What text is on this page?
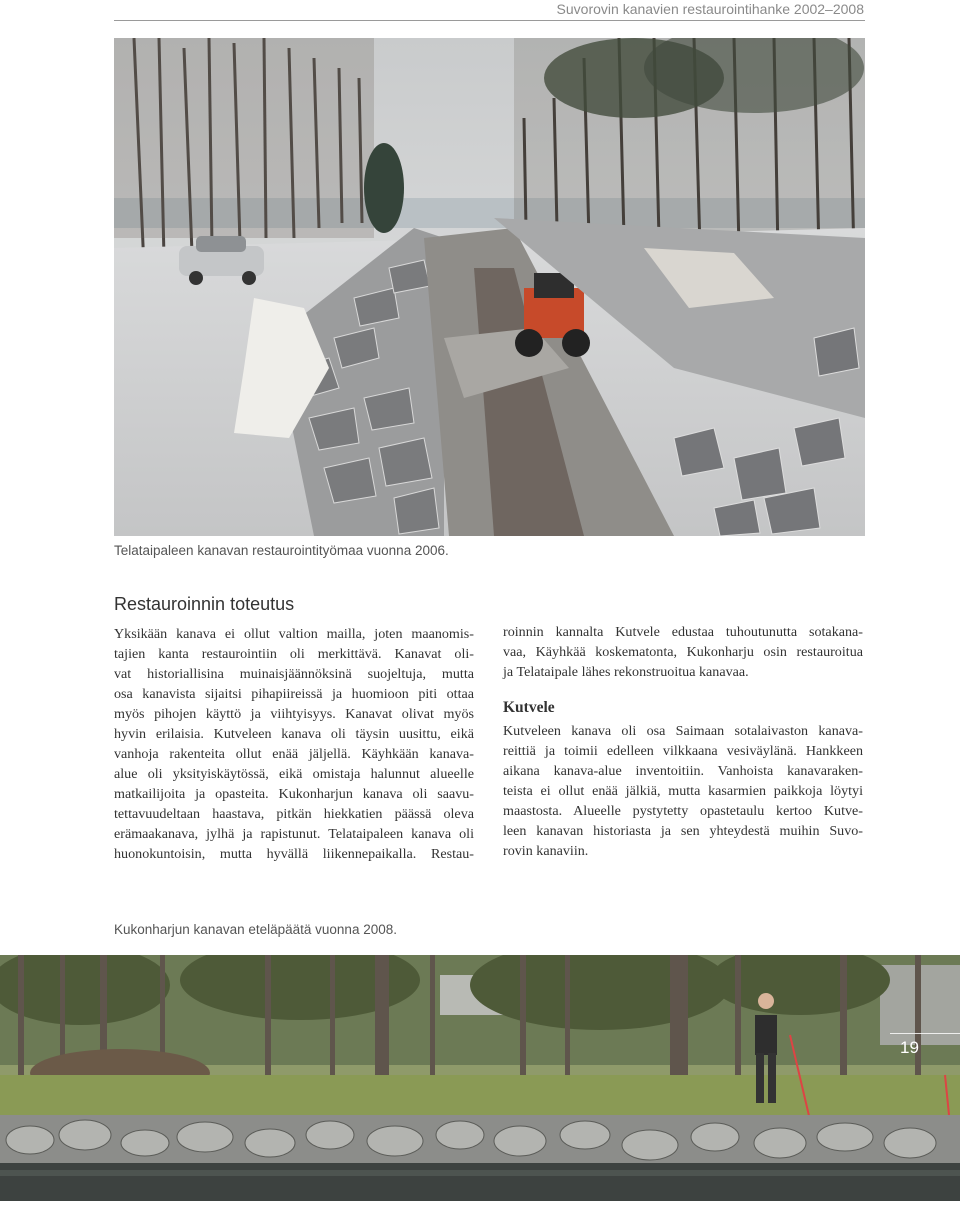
Suvorovin kanavien restaurointihanke 2002–2008
Telataipaleen kanavan restaurointityömaa vuonna 2006.
Restauroinnin toteutus
Yksikään kanava ei ollut valtion mailla, joten maanomis-
tajien kanta restaurointiin oli merkittävä. Kanavat oli-
vat historiallisina muinaisjäännöksinä suojeltuja, mutta
osa kanavista sijaitsi pihapiireissä ja huomioon piti ottaa
myös pihojen käyttö ja viihtyisyys. Kanavat olivat myös
hyvin erilaisia. Kutveleen kanava oli täysin uusittu, eikä
vanhoja rakenteita ollut enää jäljellä. Käyhkään kanava-
alue oli yksityiskäytössä, eikä omistaja halunnut alueelle
matkailijoita ja opasteita. Kukonharjun kanava oli saavu-
tettavuudeltaan haastava, pitkän hiekkatien päässä oleva
erämaakanava, jylhä ja rapistunut. Telataipaleen kanava oli
huonokuntoisin, mutta hyvällä liikennepaikalla. Restau-
roinnin kannalta Kutvele edustaa tuhoutunutta sotakana-
vaa, Käyhkää koskematonta, Kukonharju osin restauroitua
ja Telataipale lähes rekonstruoitua kanavaa.
Kutvele
Kutveleen kanava oli osa Saimaan sotalaivaston kanava-
reittiä ja toimii edelleen vilkkaana vesiväylänä. Hankkeen
aikana kanava-alue inventoitiin. Vanhoista kanavaraken-
teista ei ollut enää jälkiä, mutta kasarmien paikkoja löytyi
maastosta. Alueelle pystytetty opastetaulu kertoo Kutve-
leen kanavan historiasta ja sen yhteydestä muihin Suvo-
rovin kanaviin.
Kukonharjun kanavan eteläpäätä vuonna 2008.
19
